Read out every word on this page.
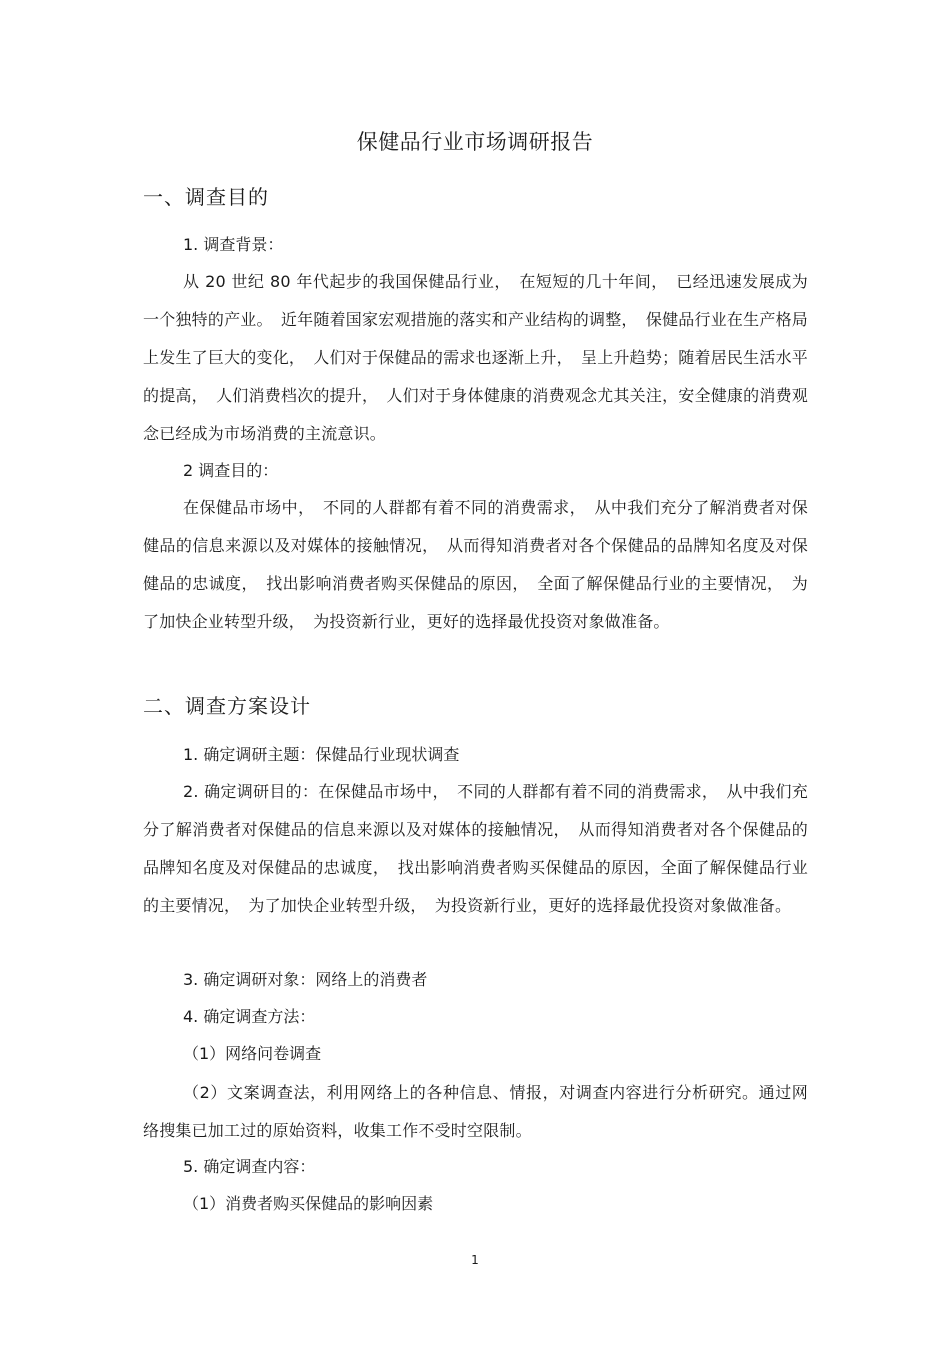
保健品行业市场调研报告
一、调查目的
1. 调查背景：
从 20 世纪 80 年代起步的我国保健品行业，　在短短的几十年间，　已经迅速发展成为一个独特的产业。　近年随着国家宏观措施的落实和产业结构的调整，　保健品行业在生产格局上发生了巨大的变化，　人们对于保健品的需求也逐渐上升，　呈上升趋势；随着居民生活水平的提高，　人们消费档次的提升，　人们对于身体健康的消费观念尤其关注，安全健康的消费观念已经成为市场消费的主流意识。
2 调查目的：
在保健品市场中，　不同的人群都有着不同的消费需求，　从中我们充分了解消费者对保健品的信息来源以及对媒体的接触情况，　从而得知消费者对各个保健品的品牌知名度及对保健品的忠诚度，　找出影响消费者购买保健品的原因，　全面了解保健品行业的主要情况，　为了加快企业转型升级，　为投资新行业，更好的选择最优投资对象做准备。
二、调查方案设计
1. 确定调研主题：保健品行业现状调查
2. 确定调研目的：在保健品市场中，　不同的人群都有着不同的消费需求，　从中我们充分了解消费者对保健品的信息来源以及对媒体的接触情况，　从而得知消费者对各个保健品的品牌知名度及对保健品的忠诚度，　找出影响消费者购买保健品的原因，全面了解保健品行业的主要情况，　为了加快企业转型升级，　为投资新行业，更好的选择最优投资对象做准备。
3. 确定调研对象：网络上的消费者
4. 确定调查方法：
（1）网络问卷调查
（2）文案调查法，利用网络上的各种信息、情报，对调查内容进行分析研究。通过网络搜集已加工过的原始资料，收集工作不受时空限制。
5. 确定调查内容：
（1）消费者购买保健品的影响因素
1
